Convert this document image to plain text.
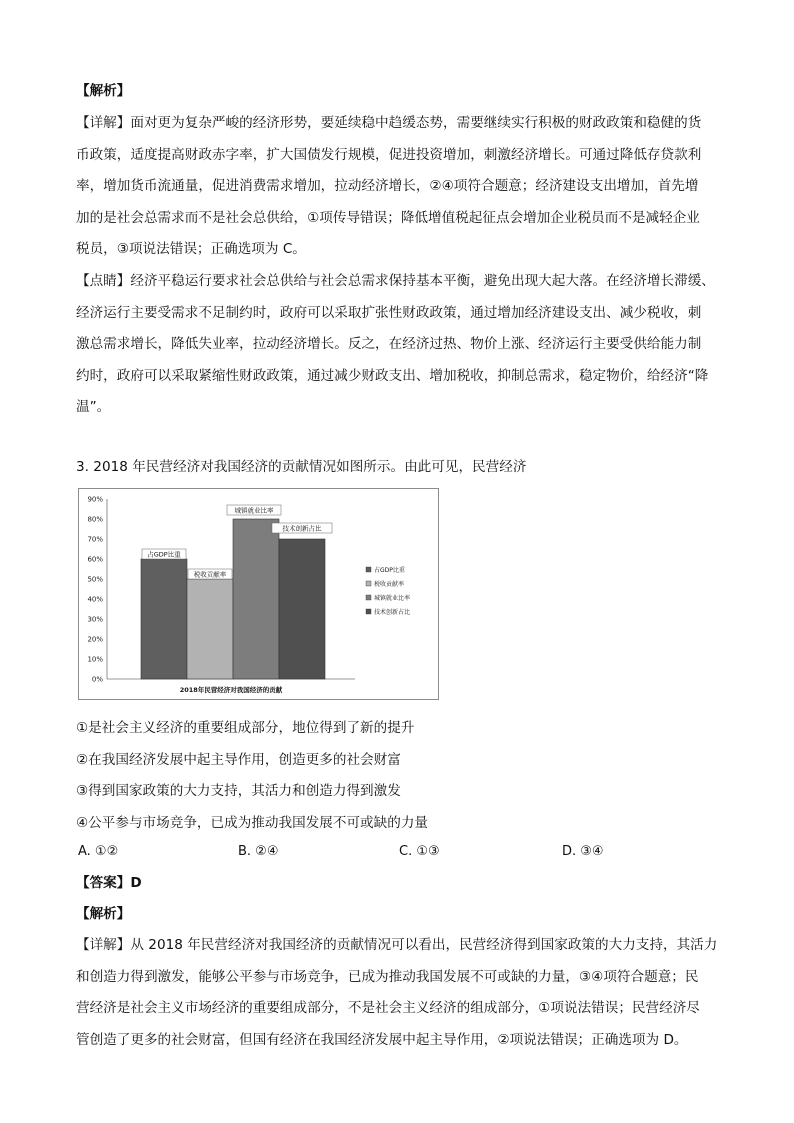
【解析】
【详解】面对更为复杂严峻的经济形势，要延续稳中趋缓态势，需要继续实行积极的财政政策和稳健的货
币政策，适度提高财政赤字率，扩大国债发行规模，促进投资增加，刺激经济增长。可通过降低存贷款利
率，增加货币流通量，促进消费需求增加，拉动经济增长，②④项符合题意；经济建设支出增加，首先增
加的是社会总需求而不是社会总供给，①项传导错误；降低增值税起征点会增加企业税员而不是减轻企业
税员，③项说法错误；正确选项为 C。
【点睛】经济平稳运行要求社会总供给与社会总需求保持基本平衡，避免出现大起大落。在经济增长滞缓、
经济运行主要受需求不足制约时，政府可以采取扩张性财政政策，通过增加经济建设支出、减少税收，刺
激总需求增长，降低失业率，拉动经济增长。反之，在经济过热、物价上涨、经济运行主要受供给能力制
约时，政府可以采取紧缩性财政政策，通过减少财政支出、增加税收，抑制总需求，稳定物价，给经济“降
温”。
3. 2018 年民营经济对我国经济的贡献情况如图所示。由此可见，民营经济
0%
10%
20%
30%
40%
50%
60%
70%
80%
90%
占GDP比重
税收贡献率
城镇就业比率
技术创新占比
占GDP比重
税收贡献率
城镇就业比率
技术创新占比
2018年民营经济对我国经济的贡献
①是社会主义经济的重要组成部分，地位得到了新的提升
②在我国经济发展中起主导作用，创造更多的社会财富
③得到国家政策的大力支持，其活力和创造力得到激发
④公平参与市场竞争，已成为推动我国发展不可或缺的力量
A. ①②	B. ②④	C. ①③	D. ③④
【答案】D
【解析】
【详解】从 2018 年民营经济对我国经济的贡献情况可以看出，民营经济得到国家政策的大力支持，其活力
和创造力得到激发，能够公平参与市场竞争，已成为推动我国发展不可或缺的力量，③④项符合题意；民
营经济是社会主义市场经济的重要组成部分，不是社会主义经济的组成部分，①项说法错误；民营经济尽
管创造了更多的社会财富，但国有经济在我国经济发展中起主导作用，②项说法错误；正确选项为 D。
